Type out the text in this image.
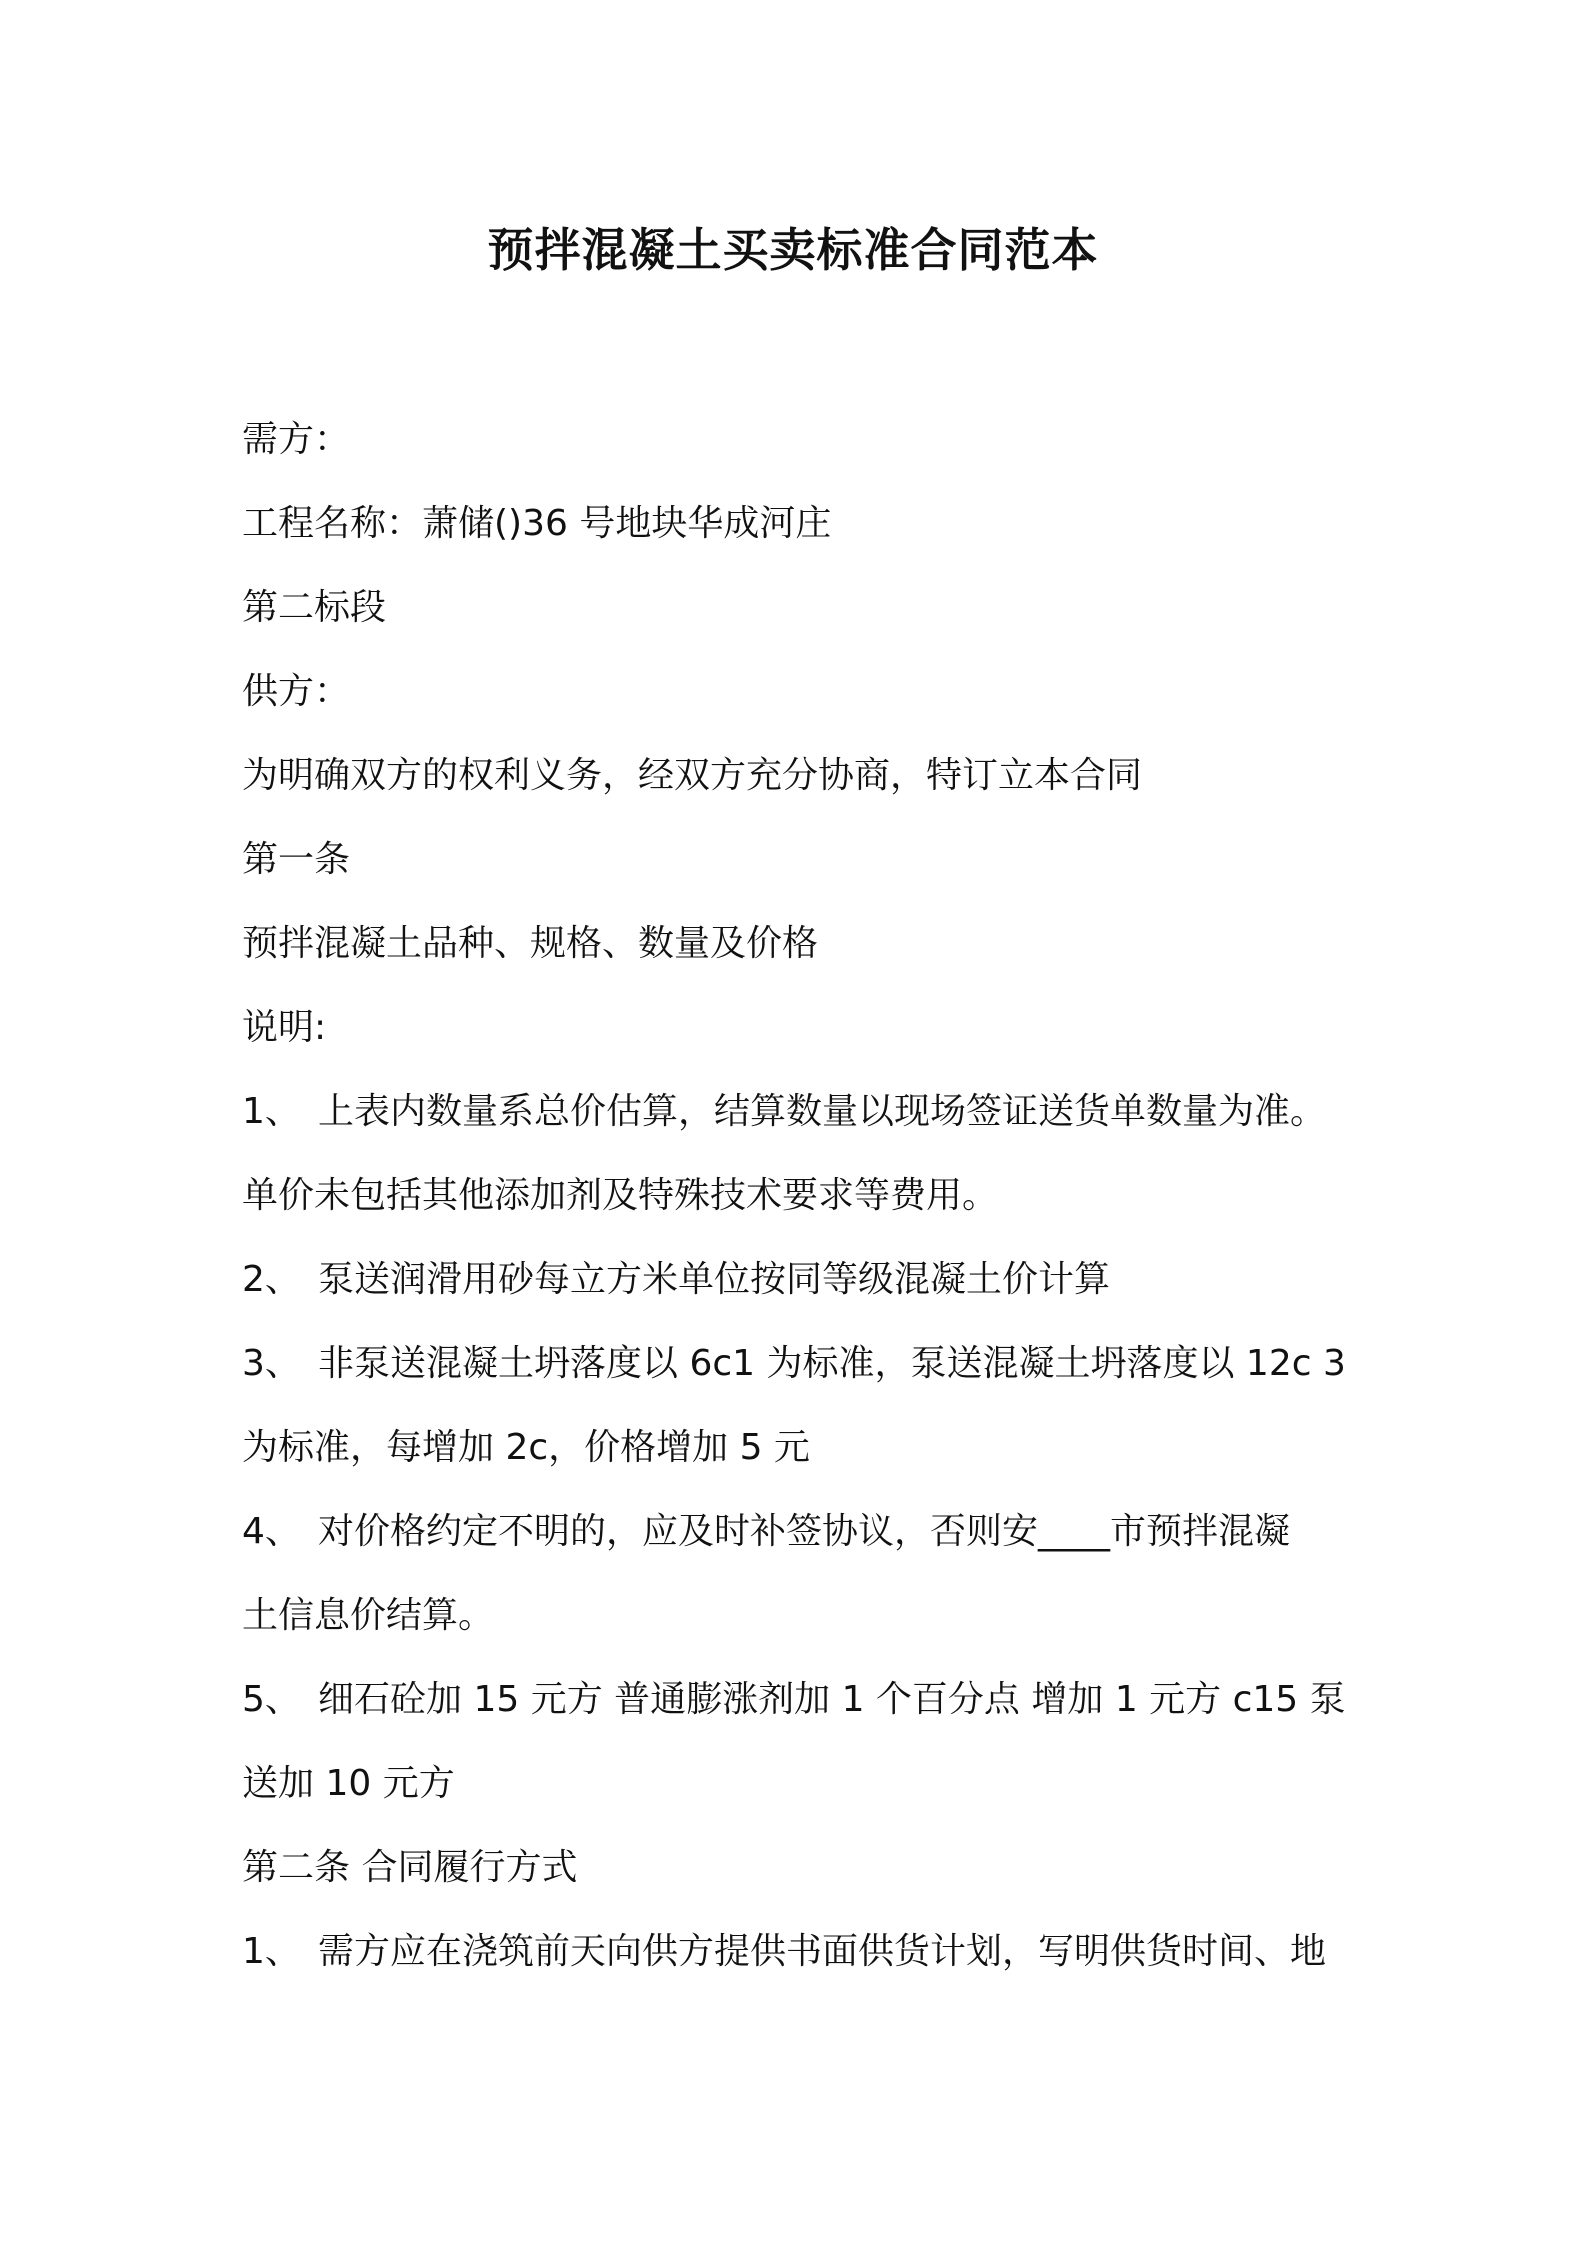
预拌混凝土买卖标准合同范本
需方：
工程名称：萧储()36 号地块华成河庄
第二标段
供方：
为明确双方的权利义务，经双方充分协商，特订立本合同
第一条
预拌混凝土品种、规格、数量及价格
说明:
1、 上表内数量系总价估算，结算数量以现场签证送货单数量为准。
单价未包括其他添加剂及特殊技术要求等费用。
2、 泵送润滑用砂每立方米单位按同等级混凝土价计算
3、 非泵送混凝土坍落度以 6c1 为标准，泵送混凝土坍落度以 12c 3
为标准，每增加 2c，价格增加 5 元
4、 对价格约定不明的，应及时补签协议，否则安____市预拌混凝
土信息价结算。
5、 细石砼加 15 元方 普通膨涨剂加 1 个百分点 增加 1 元方 c15 泵
送加 10 元方
第二条 合同履行方式
1、 需方应在浇筑前天向供方提供书面供货计划，写明供货时间、地
